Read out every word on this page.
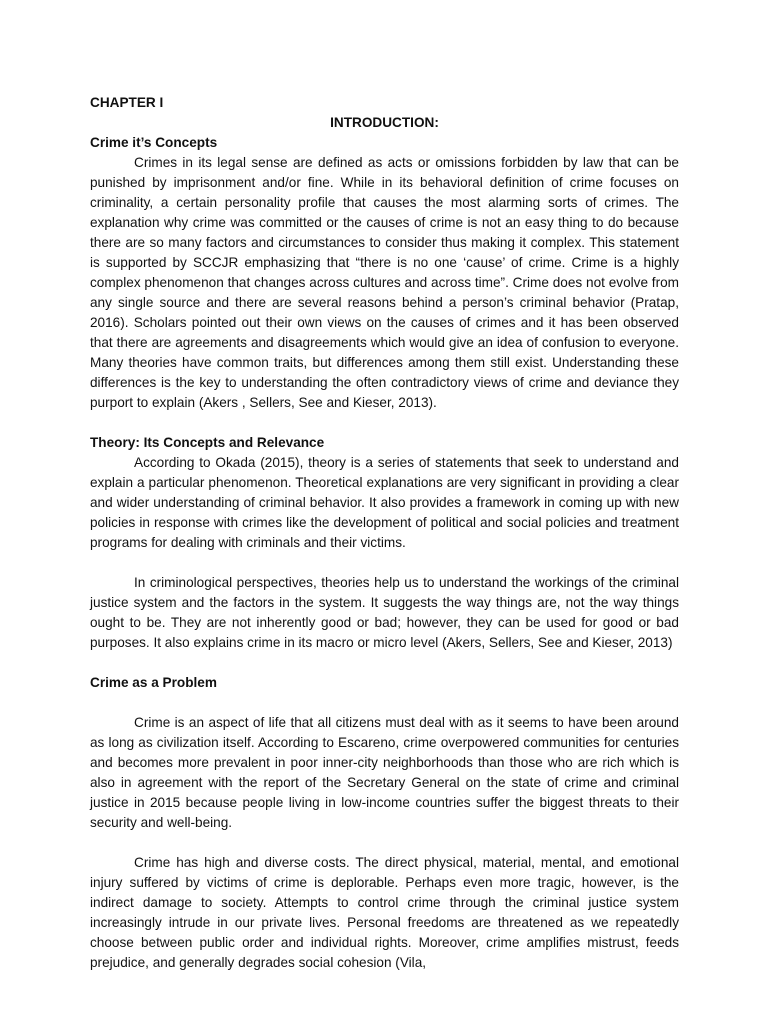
CHAPTER I
INTRODUCTION:
Crime it’s Concepts

Crimes in its legal sense are defined as acts or omissions forbidden by law that can be punished by imprisonment and/or fine. While in its behavioral definition of crime focuses on criminality, a certain personality profile that causes the most alarming sorts of crimes. The explanation why crime was committed or the causes of crime is not an easy thing to do because there are so many factors and circumstances to consider thus making it complex. This statement is supported by SCCJR emphasizing that “there is no one ‘cause’ of crime. Crime is a highly complex phenomenon that changes across cultures and across time”. Crime does not evolve from any single source and there are several reasons behind a person’s criminal behavior (Pratap, 2016). Scholars pointed out their own views on the causes of crimes and it has been observed that there are agreements and disagreements which would give an idea of confusion to everyone. Many theories have common traits, but differences among them still exist. Understanding these differences is the key to understanding the often contradictory views of crime and deviance they purport to explain (Akers , Sellers, See and Kieser, 2013).

Theory: Its Concepts and Relevance

According to Okada (2015), theory is a series of statements that seek to understand and explain a particular phenomenon. Theoretical explanations are very significant in providing a clear and wider understanding of criminal behavior. It also provides a framework in coming up with new policies in response with crimes like the development of political and social policies and treatment programs for dealing with criminals and their victims.

In criminological perspectives, theories help us to understand the workings of the criminal justice system and the factors in the system. It suggests the way things are, not the way things ought to be. They are not inherently good or bad; however, they can be used for good or bad purposes. It also explains crime in its macro or micro level (Akers, Sellers, See and Kieser, 2013)

Crime as a Problem

Crime is an aspect of life that all citizens must deal with as it seems to have been around as long as civilization itself. According to Escareno, crime overpowered communities for centuries and becomes more prevalent in poor inner-city neighborhoods than those who are rich which is also in agreement with the report of the Secretary General on the state of crime and criminal justice in 2015 because people living in low-income countries suffer the biggest threats to their security and well-being.

Crime has high and diverse costs. The direct physical, material, mental, and emotional injury suffered by victims of crime is deplorable. Perhaps even more tragic, however, is the indirect damage to society. Attempts to control crime through the criminal justice system increasingly intrude in our private lives. Personal freedoms are threatened as we repeatedly choose between public order and individual rights. Moreover, crime amplifies mistrust, feeds prejudice, and generally degrades social cohesion (Vila,
